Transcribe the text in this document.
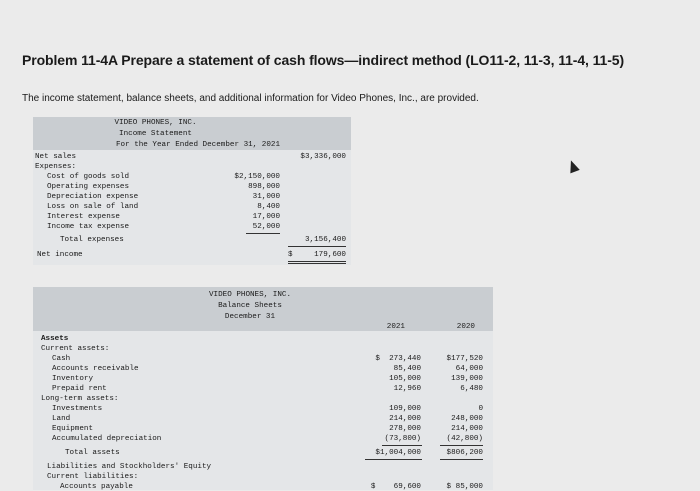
Problem 11-4A Prepare a statement of cash flows—indirect method (LO11-2, 11-3, 11-4, 11-5)
The income statement, balance sheets, and additional information for Video Phones, Inc., are provided.
VIDEO PHONES, INC.
Income Statement
For the Year Ended December 31, 2021
Net sales	$3,336,000
Expenses:
Cost of goods sold	$2,150,000
Operating expenses	898,000
Depreciation expense	31,000
Loss on sale of land	8,400
Interest expense	17,000
Income tax expense	52,000
Total expenses	3,156,400
Net income	$	179,600
VIDEO PHONES, INC.
Balance Sheets
December 31
2021	2020
Assets
Current assets:
Cash	$  273,440	$177,520
Accounts receivable	85,400	64,000
Inventory	105,000	139,000
Prepaid rent	12,960	6,480
Long-term assets:
Investments	109,000	0
Land	214,000	248,000
Equipment	278,000	214,000
Accumulated depreciation	(73,800)	(42,800)
Total assets	$1,004,000	$806,200
Liabilities and Stockholders' Equity
Current liabilities:
Accounts payable	$    69,600	$ 85,000
